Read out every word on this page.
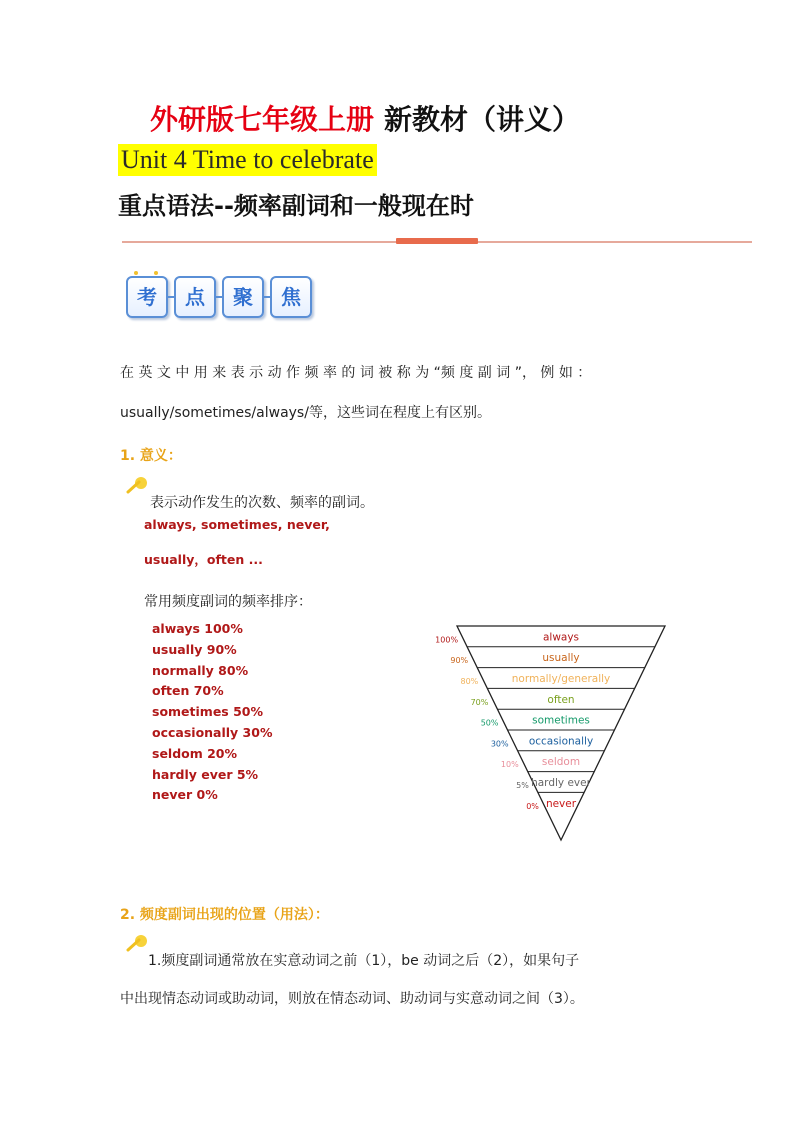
外研版七年级上册 新教材（讲义）
Unit 4 Time to celebrate
重点语法--频率副词和一般现在时
考	点	聚	焦
在 英 文 中 用 来 表 示 动 作 频 率 的 词 被 称 为 “频 度 副 词 ”， 例 如 ：
usually/sometimes/always/等，这些词在程度上有区别。
1. 意义：
表示动作发生的次数、频率的副词。
always, sometimes, never,
usually，often ...
常用频度副词的频率排序：
always 100%
usually 90%
normally 80%
often 70%
sometimes 50%
occasionally 30%
seldom 20%
hardly ever 5%
never 0%
always
100%
usually
90%
normally/generally
80%
often
70%
sometimes
50%
occasionally
30%
seldom
10%
hardly ever
5%
never
0%
2. 频度副词出现的位置（用法）：
1.频度副词通常放在实意动词之前（1），be 动词之后（2），如果句子
中出现情态动词或助动词，则放在情态动词、助动词与实意动词之间（3）。
